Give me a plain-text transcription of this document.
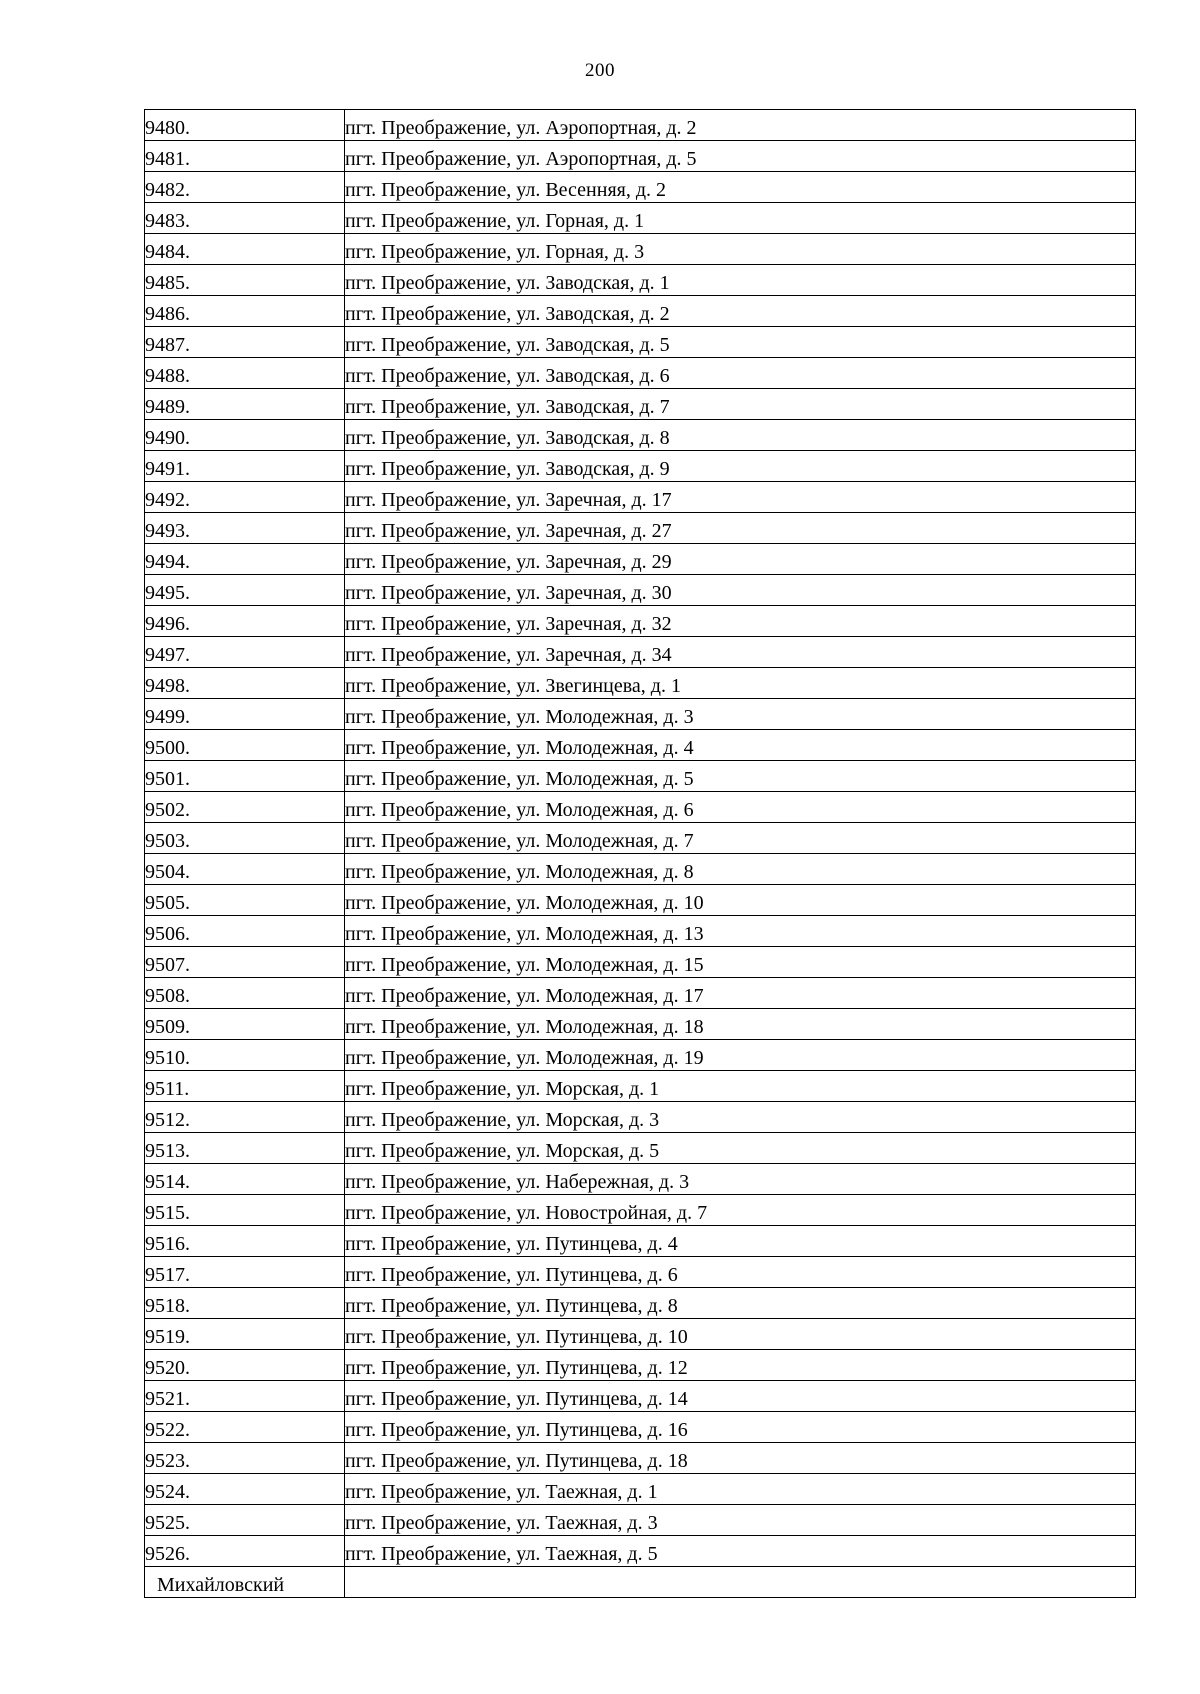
200
9480.	пгт. Преображение, ул. Аэропортная, д. 2
9481.	пгт. Преображение, ул. Аэропортная, д. 5
9482.	пгт. Преображение, ул. Весенняя, д. 2
9483.	пгт. Преображение, ул. Горная, д. 1
9484.	пгт. Преображение, ул. Горная, д. 3
9485.	пгт. Преображение, ул. Заводская, д. 1
9486.	пгт. Преображение, ул. Заводская, д. 2
9487.	пгт. Преображение, ул. Заводская, д. 5
9488.	пгт. Преображение, ул. Заводская, д. 6
9489.	пгт. Преображение, ул. Заводская, д. 7
9490.	пгт. Преображение, ул. Заводская, д. 8
9491.	пгт. Преображение, ул. Заводская, д. 9
9492.	пгт. Преображение, ул. Заречная, д. 17
9493.	пгт. Преображение, ул. Заречная, д. 27
9494.	пгт. Преображение, ул. Заречная, д. 29
9495.	пгт. Преображение, ул. Заречная, д. 30
9496.	пгт. Преображение, ул. Заречная, д. 32
9497.	пгт. Преображение, ул. Заречная, д. 34
9498.	пгт. Преображение, ул. Звегинцева, д. 1
9499.	пгт. Преображение, ул. Молодежная, д. 3
9500.	пгт. Преображение, ул. Молодежная, д. 4
9501.	пгт. Преображение, ул. Молодежная, д. 5
9502.	пгт. Преображение, ул. Молодежная, д. 6
9503.	пгт. Преображение, ул. Молодежная, д. 7
9504.	пгт. Преображение, ул. Молодежная, д. 8
9505.	пгт. Преображение, ул. Молодежная, д. 10
9506.	пгт. Преображение, ул. Молодежная, д. 13
9507.	пгт. Преображение, ул. Молодежная, д. 15
9508.	пгт. Преображение, ул. Молодежная, д. 17
9509.	пгт. Преображение, ул. Молодежная, д. 18
9510.	пгт. Преображение, ул. Молодежная, д. 19
9511.	пгт. Преображение, ул. Морская, д. 1
9512.	пгт. Преображение, ул. Морская, д. 3
9513.	пгт. Преображение, ул. Морская, д. 5
9514.	пгт. Преображение, ул. Набережная, д. 3
9515.	пгт. Преображение, ул. Новостройная, д. 7
9516.	пгт. Преображение, ул. Путинцева, д. 4
9517.	пгт. Преображение, ул. Путинцева, д. 6
9518.	пгт. Преображение, ул. Путинцева, д. 8
9519.	пгт. Преображение, ул. Путинцева, д. 10
9520.	пгт. Преображение, ул. Путинцева, д. 12
9521.	пгт. Преображение, ул. Путинцева, д. 14
9522.	пгт. Преображение, ул. Путинцева, д. 16
9523.	пгт. Преображение, ул. Путинцева, д. 18
9524.	пгт. Преображение, ул. Таежная, д. 1
9525.	пгт. Преображение, ул. Таежная, д. 3
9526.	пгт. Преображение, ул. Таежная, д. 5
Михайловский	
